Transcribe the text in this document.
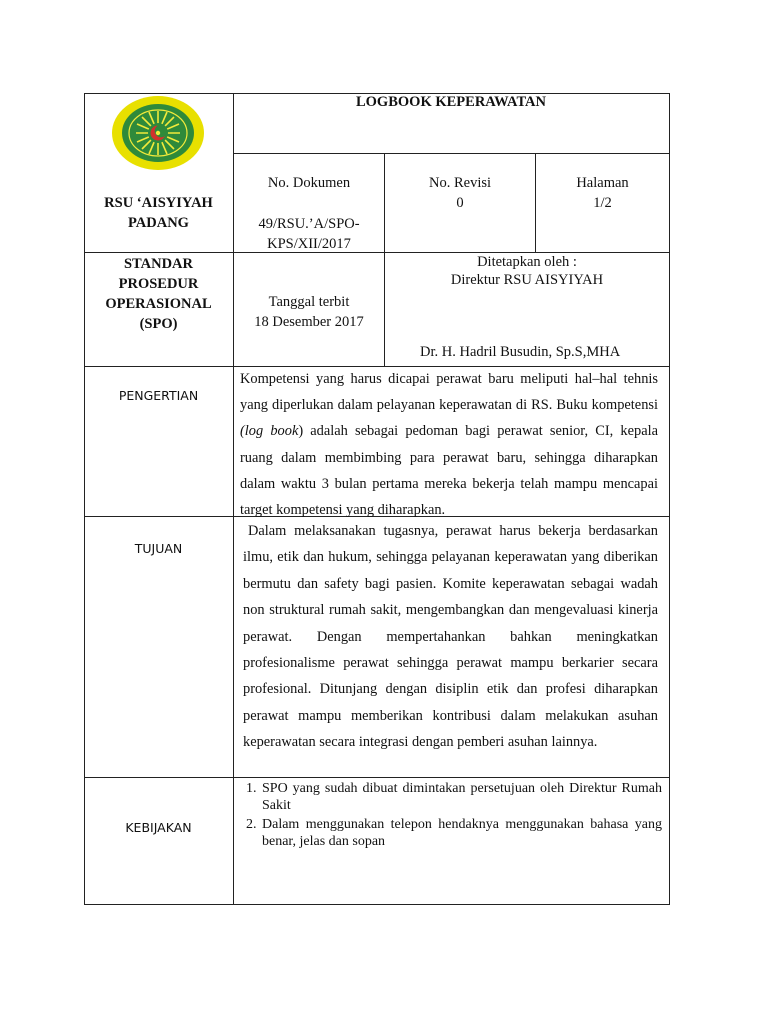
RSU ‘AISYIYAH
PADANG
LOGBOOK KEPERAWATAN
No. Dokumen
49/RSU.’A/SPO-
KPS/XII/2017
No. Revisi
0
Halaman
1/2
STANDAR
PROSEDUR
OPERASIONAL
(SPO)
Tanggal terbit
18 Desember 2017
Ditetapkan oleh :
Direktur RSU AISYIYAH
Dr. H. Hadril Busudin, Sp.S,MHA
PENGERTIAN
Kompetensi yang harus dicapai perawat baru meliputi hal–hal tehnis yang diperlukan dalam pelayanan keperawatan di RS. Buku kompetensi (log book) adalah sebagai pedoman bagi perawat senior, CI, kepala ruang dalam membimbing para perawat baru, sehingga diharapkan dalam waktu 3 bulan pertama mereka bekerja telah mampu mencapai target kompetensi yang diharapkan.
TUJUAN
Dalam melaksanakan tugasnya, perawat harus bekerja berdasarkan ilmu, etik dan hukum, sehingga pelayanan keperawatan yang diberikan bermutu dan safety bagi pasien. Komite keperawatan sebagai wadah non struktural rumah sakit, mengembangkan dan mengevaluasi kinerja perawat. Dengan mempertahankan bahkan meningkatkan profesionalisme perawat sehingga perawat mampu berkarier secara profesional. Ditunjang dengan disiplin etik dan profesi diharapkan perawat mampu memberikan kontribusi dalam melakukan asuhan keperawatan secara integrasi dengan pemberi asuhan lainnya.
KEBIJAKAN
1. SPO yang sudah dibuat dimintakan persetujuan oleh Direktur Rumah Sakit
2. Dalam menggunakan telepon hendaknya menggunakan bahasa yang benar, jelas dan sopan
